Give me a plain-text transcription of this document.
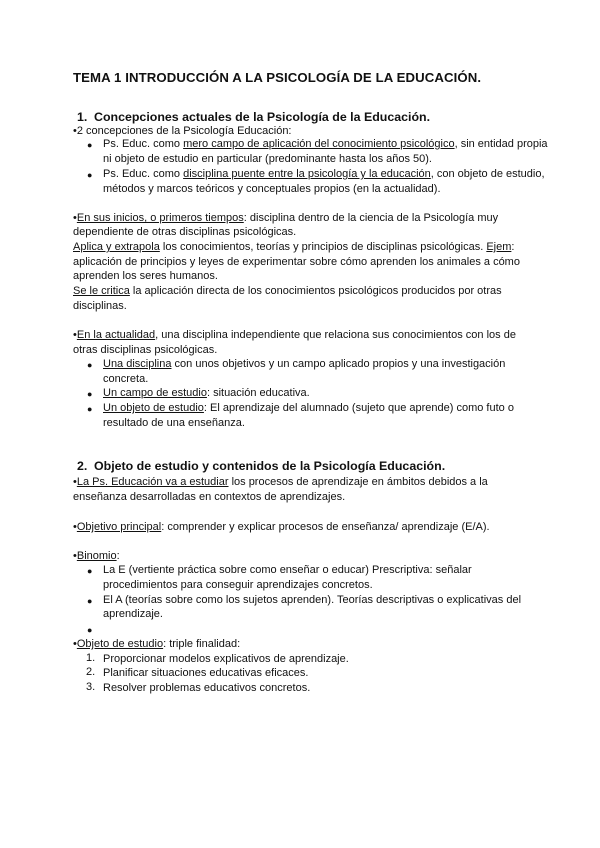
TEMA 1 INTRODUCCIÓN A LA PSICOLOGÍA DE LA EDUCACIÓN.
1. Concepciones actuales de la Psicología de la Educación.
•2 concepciones de la Psicología Educación:
● Ps. Educ. como mero campo de aplicación del conocimiento psicológico, sin entidad propia
ni objeto de estudio en particular (predominante hasta los años 50).
● Ps. Educ. como disciplina puente entre la psicología y la educación, con objeto de estudio,
métodos y marcos teóricos y conceptuales propios (en la actualidad).
•En sus inicios, o primeros tiempos: disciplina dentro de la ciencia de la Psicología muy
dependiente de otras disciplinas psicológicas.
Aplica y extrapola los conocimientos, teorías y principios de disciplinas psicológicas. Ejem:
aplicación de principios y leyes de experimentar sobre cómo aprenden los animales a cómo
aprenden los seres humanos.
Se le critica la aplicación directa de los conocimientos psicológicos producidos por otras
disciplinas.
•En la actualidad, una disciplina independiente que relaciona sus conocimientos con los de
otras disciplinas psicológicas.
● Una disciplina con unos objetivos y un campo aplicado propios y una investigación
concreta.
● Un campo de estudio: situación educativa.
● Un objeto de estudio: El aprendizaje del alumnado (sujeto que aprende) como futo o
resultado de una enseñanza.
2. Objeto de estudio y contenidos de la Psicología Educación.
•La Ps. Educación va a estudiar los procesos de aprendizaje en ámbitos debidos a la
enseñanza desarrolladas en contextos de aprendizajes.
•Objetivo principal: comprender y explicar procesos de enseñanza/ aprendizaje (E/A).
•Binomio:
● La E (vertiente práctica sobre como enseñar o educar) Prescriptiva: señalar
procedimientos para conseguir aprendizajes concretos.
● El A (teorías sobre como los sujetos aprenden). Teorías descriptivas o explicativas del
aprendizaje.
●
•Objeto de estudio: triple finalidad:
1. Proporcionar modelos explicativos de aprendizaje.
2. Planificar situaciones educativas eficaces.
3. Resolver problemas educativos concretos.
